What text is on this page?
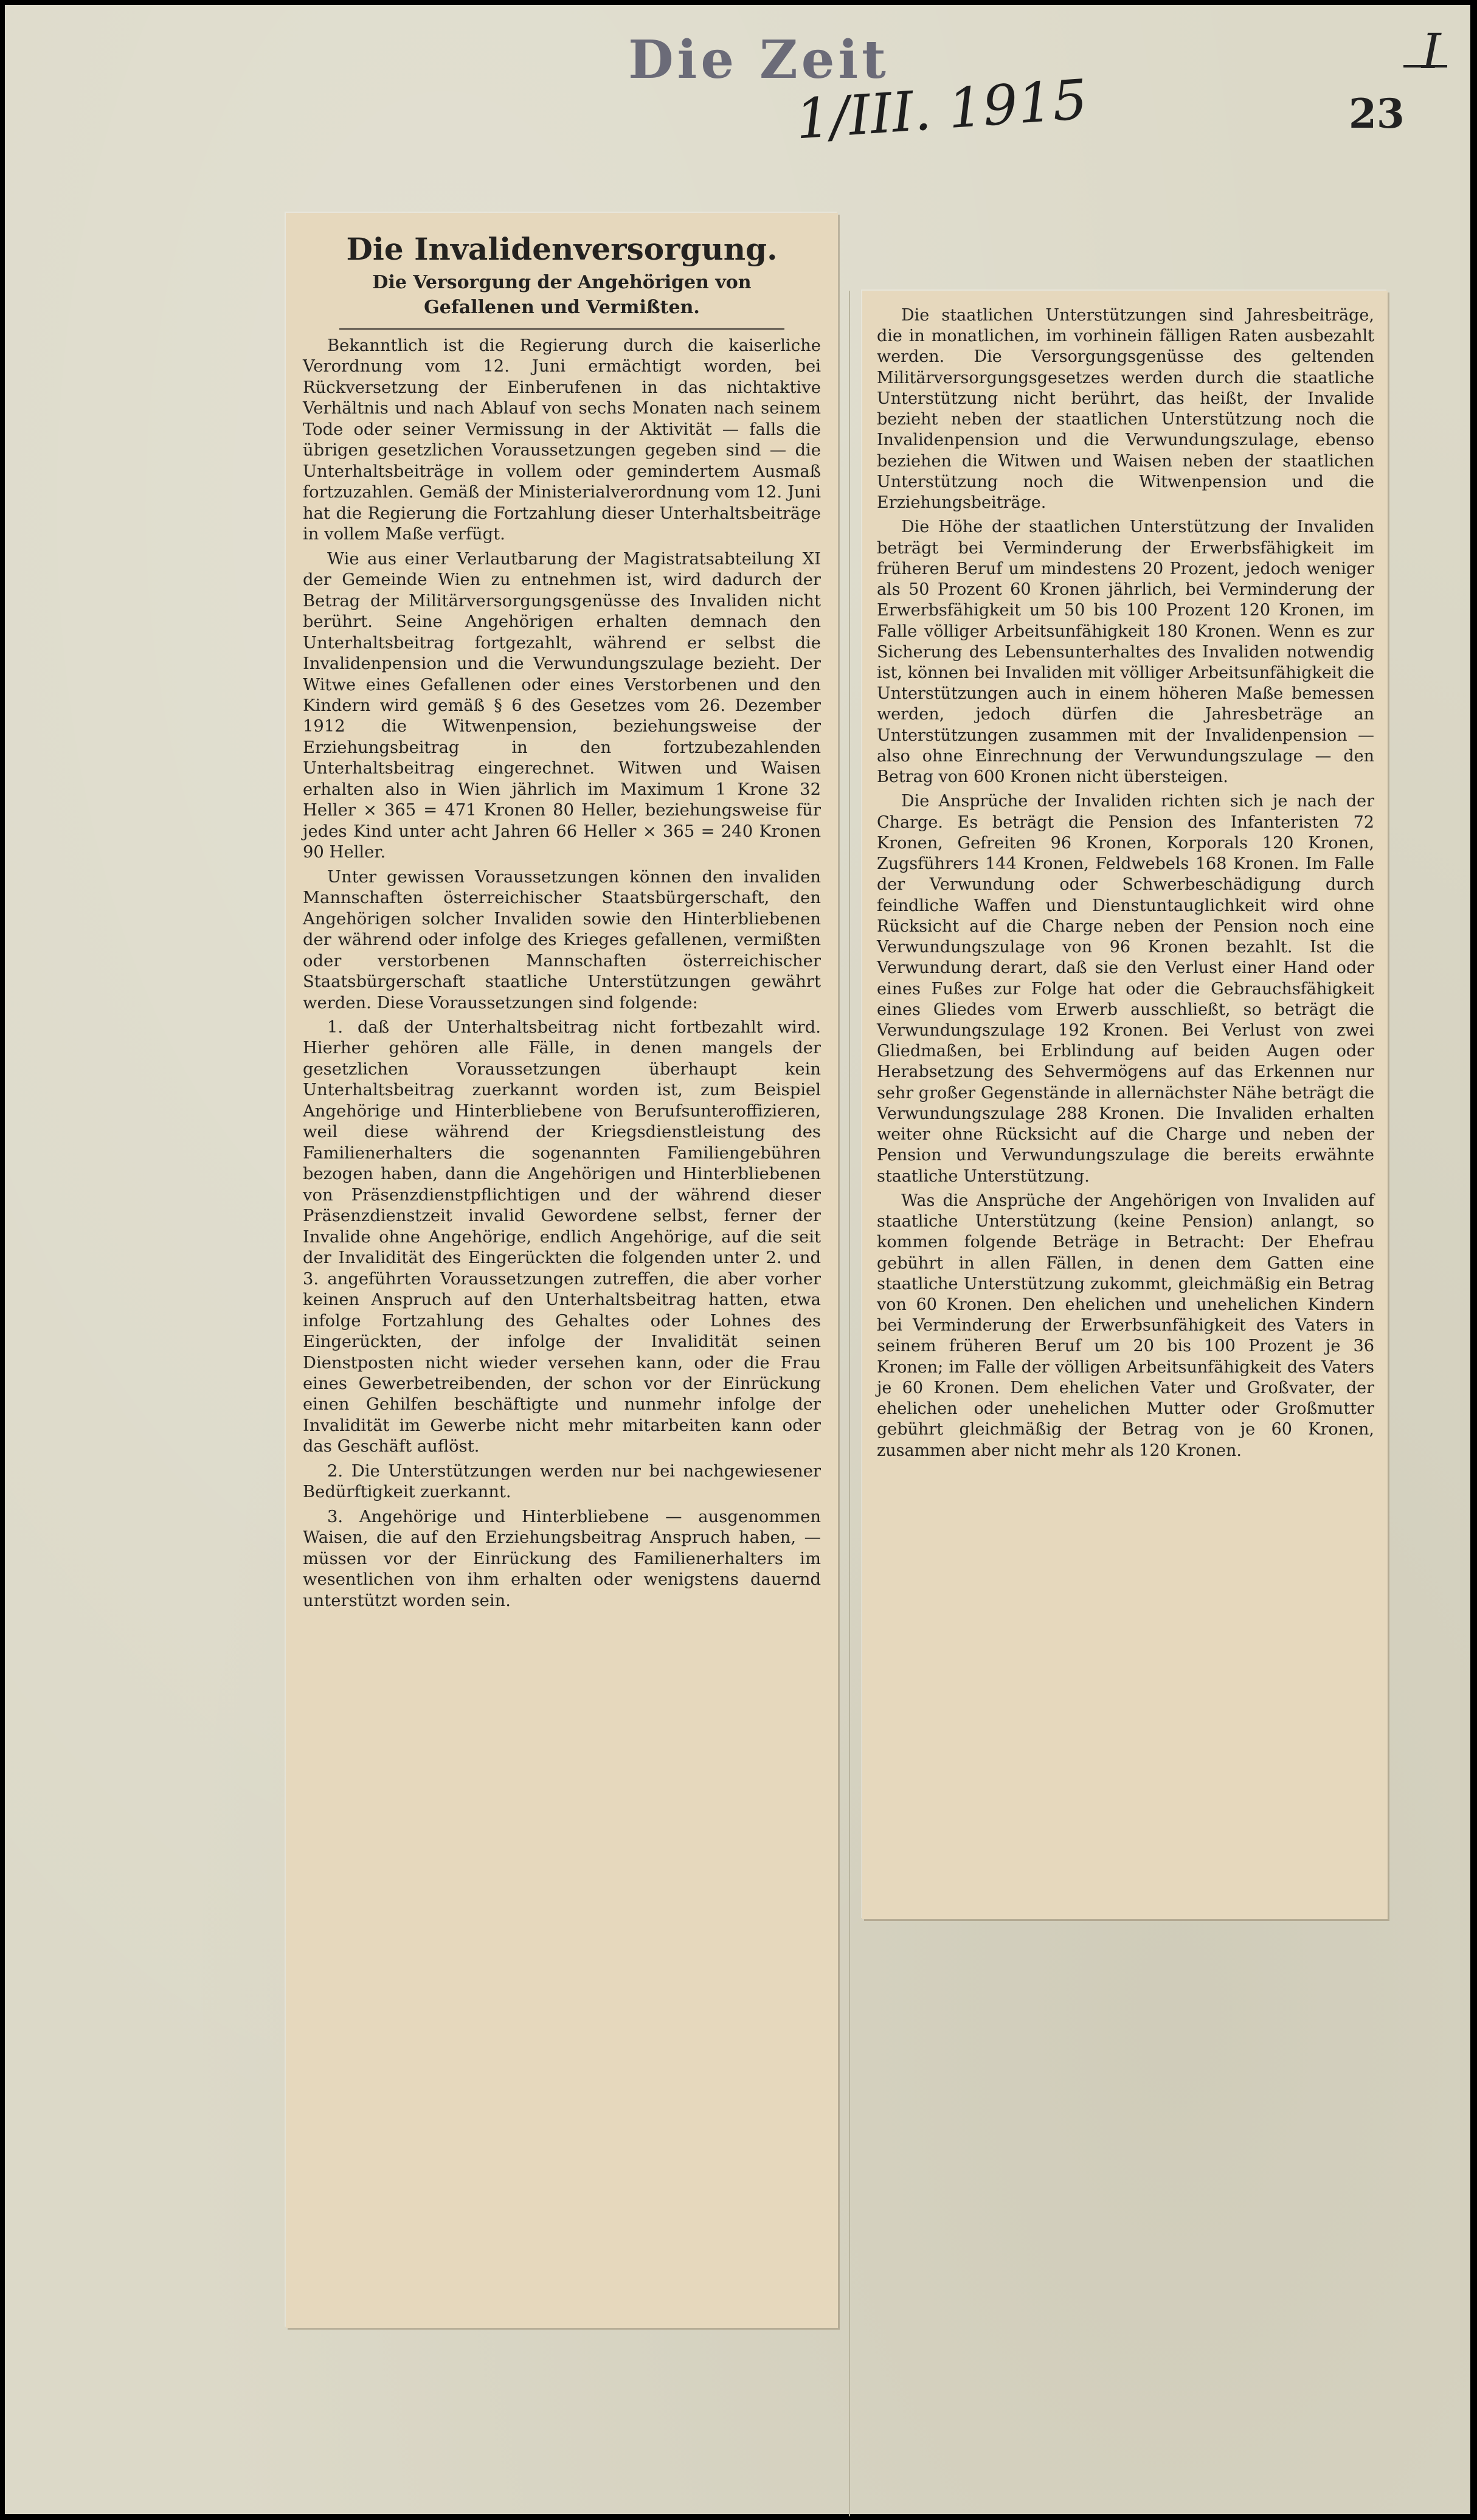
Die Zeit
1/III. 1915	23
I
Die Invalidenversorgung.
Die Versorgung der Angehörigen von Gefallenen und Vermißten.

Bekanntlich ist die Regierung durch die kaiserliche Verordnung vom 12. Juni ermächtigt worden, bei Rückversetzung der Einberufenen in das nichtaktive Verhältnis und nach Ablauf von sechs Monaten nach seinem Tode oder seiner Vermissung in der Aktivität — falls die übrigen gesetzlichen Voraussetzungen gegeben sind — die Unterhaltsbeiträge in vollem oder gemindertem Ausmaß fortzuzahlen. Gemäß der Ministerialverordnung vom 12. Juni hat die Regierung die Fortzahlung dieser Unterhaltsbeiträge in vollem Maße verfügt.

Wie aus einer Verlautbarung der Magistratsabteilung XI der Gemeinde Wien zu entnehmen ist, wird dadurch der Betrag der Militärversorgungsgenüsse des Invaliden nicht berührt. Seine Angehörigen erhalten demnach den Unterhaltsbeitrag fortgezahlt, während er selbst die Invalidenpension und die Verwundungszulage bezieht. Der Witwe eines Gefallenen oder eines Verstorbenen und den Kindern wird gemäß § 6 des Gesetzes vom 26. Dezember 1912 die Witwenpension, beziehungsweise der Erziehungsbeitrag in den fortzubezahlenden Unterhaltsbeitrag eingerechnet. Witwen und Waisen erhalten also in Wien jährlich im Maximum 1 Krone 32 Heller × 365 = 471 Kronen 80 Heller, beziehungsweise für jedes Kind unter acht Jahren 66 Heller × 365 = 240 Kronen 90 Heller.

Unter gewissen Voraussetzungen können den invaliden Mannschaften österreichischer Staatsbürgerschaft, den Angehörigen solcher Invaliden sowie den Hinterbliebenen der während oder infolge des Krieges gefallenen, vermißten oder verstorbenen Mannschaften österreichischer Staatsbürgerschaft staatliche Unterstützungen gewährt werden. Diese Voraussetzungen sind folgende:

1. daß der Unterhaltsbeitrag nicht fortbezahlt wird. Hierher gehören alle Fälle, in denen mangels der gesetzlichen Voraussetzungen überhaupt kein Unterhaltsbeitrag zuerkannt worden ist, zum Beispiel Angehörige und Hinterbliebene von Berufsunteroffizieren, weil diese während der Kriegsdienstleistung des Familienerhalters die sogenannten Familiengebühren bezogen haben, dann die Angehörigen und Hinterbliebenen von Präsenzdienstpflichtigen und der während dieser Präsenzdienstzeit invalid Gewordene selbst, ferner der Invalide ohne Angehörige, endlich Angehörige, auf die seit der Invalidität des Eingerückten die folgenden unter 2. und 3. angeführten Voraussetzungen zutreffen, die aber vorher keinen Anspruch auf den Unterhaltsbeitrag hatten, etwa infolge Fortzahlung des Gehaltes oder Lohnes des Eingerückten, der infolge der Invalidität seinen Dienstposten nicht wieder versehen kann, oder die Frau eines Gewerbetreibenden, der schon vor der Einrückung einen Gehilfen beschäftigte und nunmehr infolge der Invalidität im Gewerbe nicht mehr mitarbeiten kann oder das Geschäft auflöst.

2. Die Unterstützungen werden nur bei nachgewiesener Bedürftigkeit zuerkannt.

3. Angehörige und Hinterbliebene — ausgenommen Waisen, die auf den Erziehungsbeitrag Anspruch haben, — müssen vor der Einrückung des Familienerhalters im wesentlichen von ihm erhalten oder wenigstens dauernd unterstützt worden sein.

Die staatlichen Unterstützungen sind Jahresbeiträge, die in monatlichen, im vorhinein fälligen Raten ausbezahlt werden. Die Versorgungsgenüsse des geltenden Militärversorgungsgesetzes werden durch die staatliche Unterstützung nicht berührt, das heißt, der Invalide bezieht neben der staatlichen Unterstützung noch die Invalidenpension und die Verwundungszulage, ebenso beziehen die Witwen und Waisen neben der staatlichen Unterstützung noch die Witwenpension und die Erziehungsbeiträge.

Die Höhe der staatlichen Unterstützung der Invaliden beträgt bei Verminderung der Erwerbsfähigkeit im früheren Beruf um mindestens 20 Prozent, jedoch weniger als 50 Prozent 60 Kronen jährlich, bei Verminderung der Erwerbsfähigkeit um 50 bis 100 Prozent 120 Kronen, im Falle völliger Arbeitsunfähigkeit 180 Kronen. Wenn es zur Sicherung des Lebensunterhaltes des Invaliden notwendig ist, können bei Invaliden mit völliger Arbeitsunfähigkeit die Unterstützungen auch in einem höheren Maße bemessen werden, jedoch dürfen die Jahresbeträge an Unterstützungen zusammen mit der Invalidenpension — also ohne Einrechnung der Verwundungszulage — den Betrag von 600 Kronen nicht übersteigen.

Die Ansprüche der Invaliden richten sich je nach der Charge. Es beträgt die Pension des Infanteristen 72 Kronen, Gefreiten 96 Kronen, Korporals 120 Kronen, Zugsführers 144 Kronen, Feldwebels 168 Kronen. Im Falle der Verwundung oder Schwerbeschädigung durch feindliche Waffen und Dienstuntauglichkeit wird ohne Rücksicht auf die Charge neben der Pension noch eine Verwundungszulage von 96 Kronen bezahlt. Ist die Verwundung derart, daß sie den Verlust einer Hand oder eines Fußes zur Folge hat oder die Gebrauchsfähigkeit eines Gliedes vom Erwerb ausschließt, so beträgt die Verwundungszulage 192 Kronen. Bei Verlust von zwei Gliedmaßen, bei Erblindung auf beiden Augen oder Herabsetzung des Sehvermögens auf das Erkennen nur sehr großer Gegenstände in allernächster Nähe beträgt die Verwundungszulage 288 Kronen. Die Invaliden erhalten weiter ohne Rücksicht auf die Charge und neben der Pension und Verwundungszulage die bereits erwähnte staatliche Unterstützung.

Was die Ansprüche der Angehörigen von Invaliden auf staatliche Unterstützung (keine Pension) anlangt, so kommen folgende Beträge in Betracht: Der Ehefrau gebührt in allen Fällen, in denen dem Gatten eine staatliche Unterstützung zukommt, gleichmäßig ein Betrag von 60 Kronen. Den ehelichen und unehelichen Kindern bei Verminderung der Erwerbsunfähigkeit des Vaters in seinem früheren Beruf um 20 bis 100 Prozent je 36 Kronen; im Falle der völligen Arbeitsunfähigkeit des Vaters je 60 Kronen. Dem ehelichen Vater und Großvater, der ehelichen oder unehelichen Mutter oder Großmutter gebührt gleichmäßig der Betrag von je 60 Kronen, zusammen aber nicht mehr als 120 Kronen.
